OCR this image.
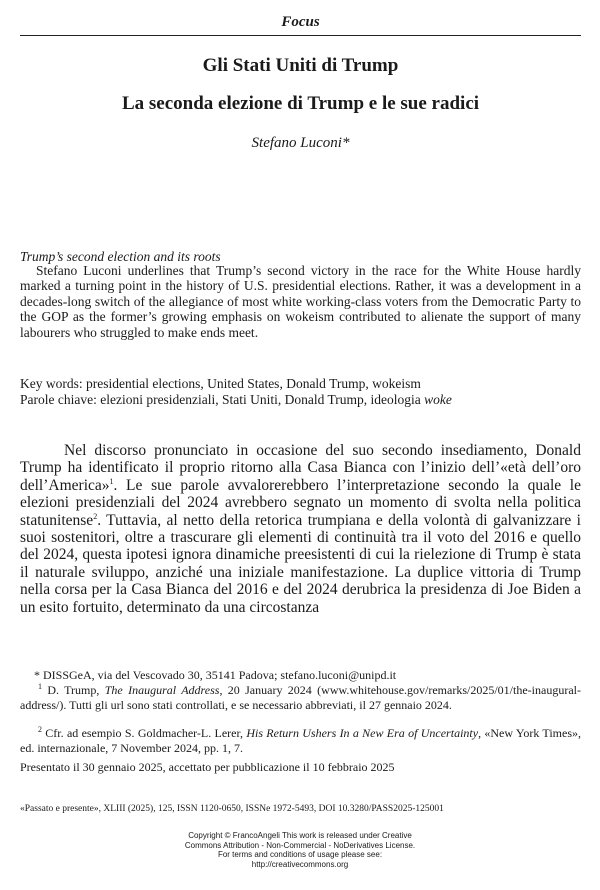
Focus
Gli Stati Uniti di Trump
La seconda elezione di Trump e le sue radici
Stefano Luconi*
Trump’s second election and its roots

Stefano Luconi underlines that Trump’s second victory in the race for the White House hardly marked a turning point in the history of U.S. presidential elections. Rather, it was a development in a decades-long switch of the allegiance of most white working-class voters from the Democratic Party to the GOP as the former’s growing emphasis on wokeism contributed to alienate the support of many labourers who struggled to make ends meet.

Key words: presidential elections, United States, Donald Trump, wokeism
Parole chiave: elezioni presidenziali, Stati Uniti, Donald Trump, ideologia woke

Nel discorso pronunciato in occasione del suo secondo insediamento, Donald Trump ha identificato il proprio ritorno alla Casa Bianca con l’inizio dell’«età dell’oro dell’America»$^1$. Le sue parole avvalorerebbero l’interpretazione secondo la quale le elezioni presidenziali del 2024 avrebbero segnato un momento di svolta nella politica statunitense$^2$. Tuttavia, al netto della retorica trumpiana e della volontà di galvanizzare i suoi sostenitori, oltre a trascurare gli elementi di continuità tra il voto del 2016 e quello del 2024, questa ipotesi ignora dinamiche preesistenti di cui la rielezione di Trump è stata il naturale sviluppo, anziché una iniziale manifestazione. La duplice vittoria di Trump nella corsa per la Casa Bianca del 2016 e del 2024 derubrica la presidenza di Joe Biden a un esito fortuito, determinato da una circostanza

* DISSGeA, via del Vescovado 30, 35141 Padova; stefano.luconi@unipd.it

$^1$ D. Trump, The Inaugural Address, 20 January 2024 (www.whitehouse.gov/remarks/2025/01/the-inaugural-address/). Tutti gli url sono stati controllati, e se necessario abbreviati, il 27 gennaio 2024.

$^2$ Cfr. ad esempio S. Goldmacher-L. Lerer, His Return Ushers In a New Era of Uncertainty, «New York Times», ed. internazionale, 7 November 2024, pp. 1, 7.

Presentato il 30 gennaio 2025, accettato per pubblicazione il 10 febbraio 2025

«Passato e presente», XLIII (2025), 125, ISSN 1120-0650, ISSNe 1972-5493, DOI 10.3280/PASS2025-125001
Copyright © FrancoAngeli This work is released under Creative
Commons Attribution - Non-Commercial - NoDerivatives License.
For terms and conditions of usage please see:
http://creativecommons.org
